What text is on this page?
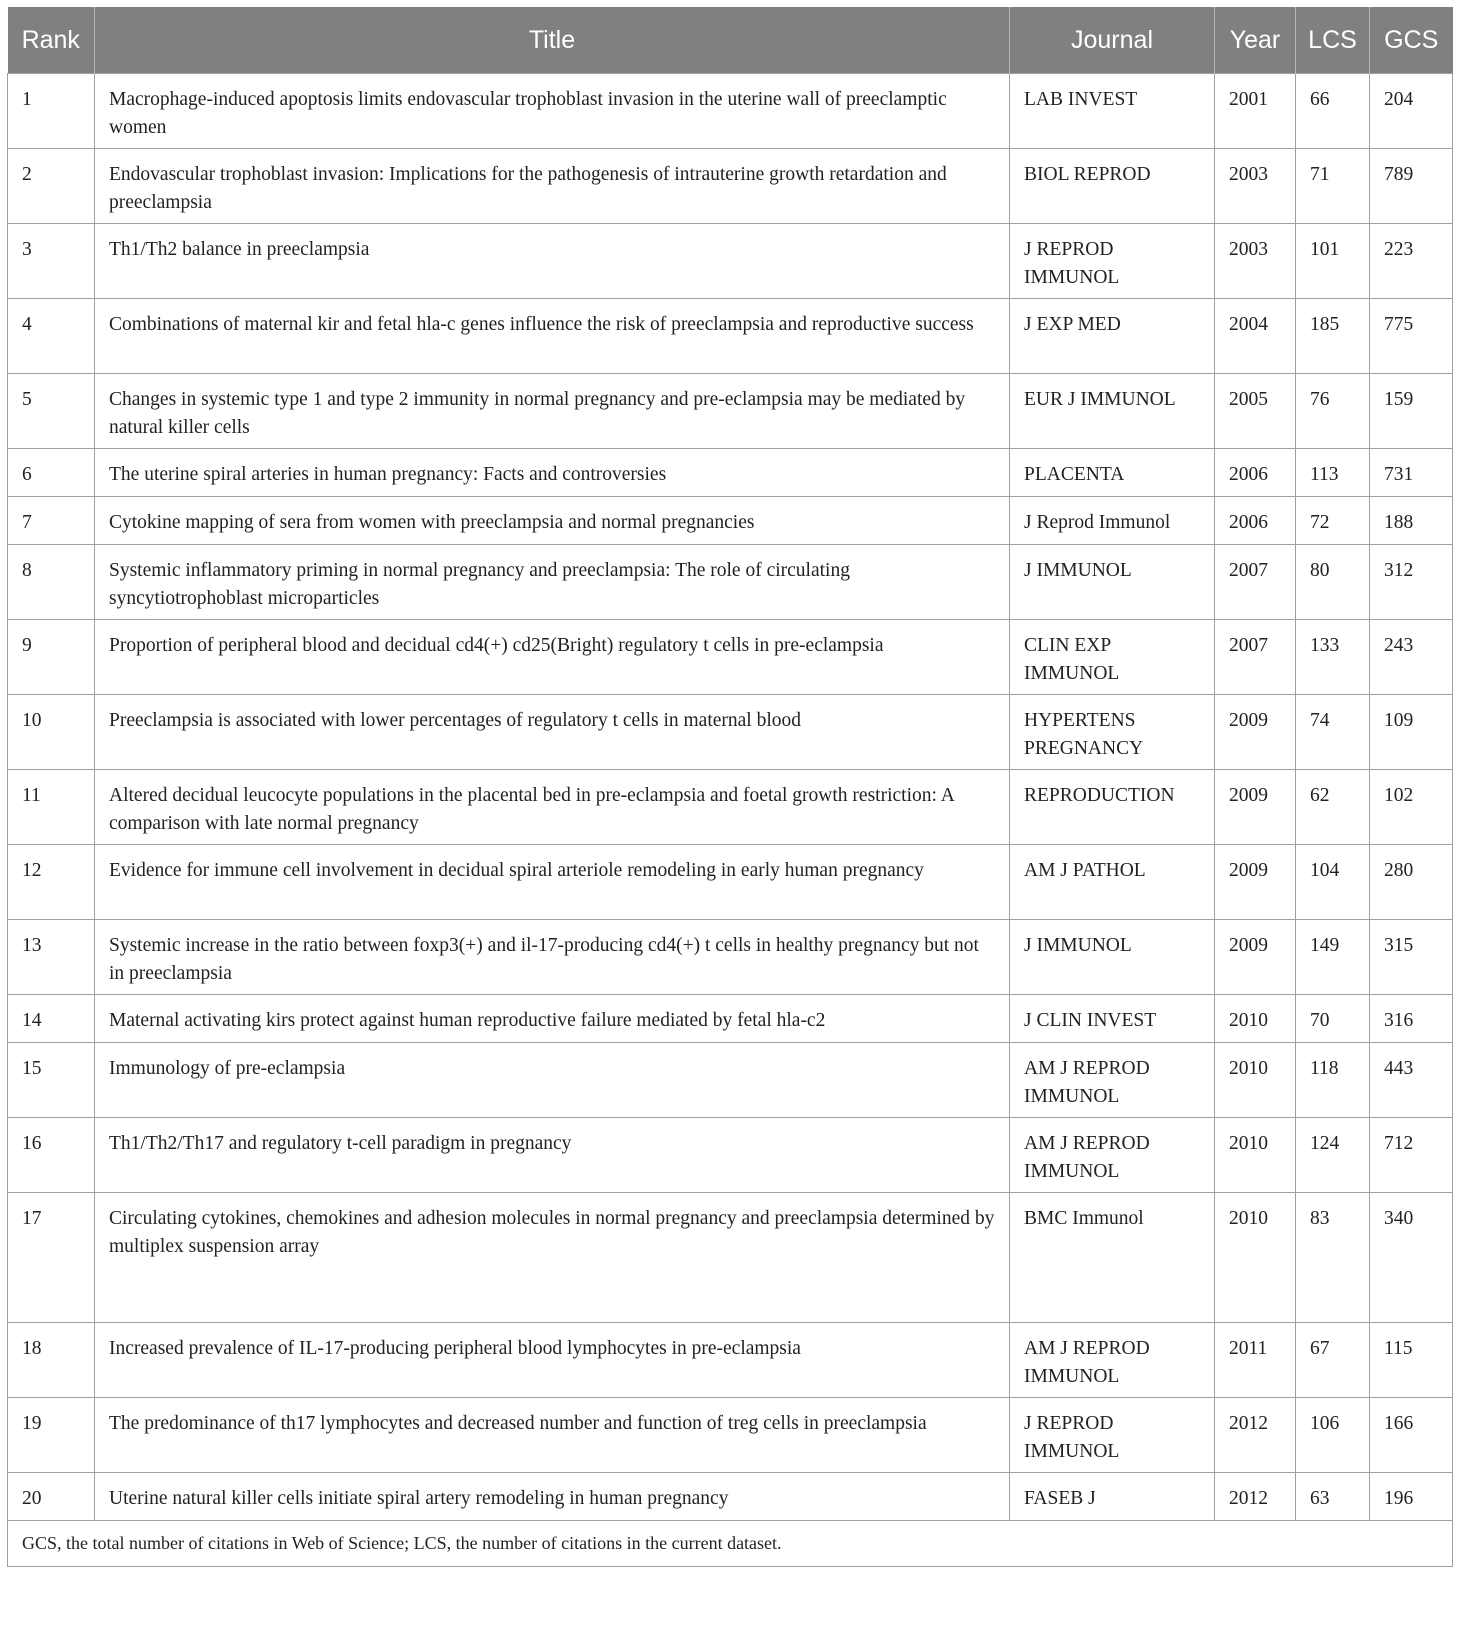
Rank	Title	Journal	Year	LCS	GCS
1	Macrophage-induced apoptosis limits endovascular trophoblast invasion in the uterine wall of preeclamptic women	LAB INVEST	2001	66	204
2	Endovascular trophoblast invasion: Implications for the pathogenesis of intrauterine growth retardation and preeclampsia	BIOL REPROD	2003	71	789
3	Th1/Th2 balance in preeclampsia	J REPROD IMMUNOL	2003	101	223
4	Combinations of maternal kir and fetal hla-c genes influence the risk of preeclampsia and reproductive success	J EXP MED	2004	185	775
5	Changes in systemic type 1 and type 2 immunity in normal pregnancy and pre-eclampsia may be mediated by natural killer cells	EUR J IMMUNOL	2005	76	159
6	The uterine spiral arteries in human pregnancy: Facts and controversies	PLACENTA	2006	113	731
7	Cytokine mapping of sera from women with preeclampsia and normal pregnancies	J Reprod Immunol	2006	72	188
8	Systemic inflammatory priming in normal pregnancy and preeclampsia: The role of circulating syncytiotrophoblast microparticles	J IMMUNOL	2007	80	312
9	Proportion of peripheral blood and decidual cd4(+) cd25(Bright) regulatory t cells in pre-eclampsia	CLIN EXP IMMUNOL	2007	133	243
10	Preeclampsia is associated with lower percentages of regulatory t cells in maternal blood	HYPERTENS PREGNANCY	2009	74	109
11	Altered decidual leucocyte populations in the placental bed in pre-eclampsia and foetal growth restriction: A comparison with late normal pregnancy	REPRODUCTION	2009	62	102
12	Evidence for immune cell involvement in decidual spiral arteriole remodeling in early human pregnancy	AM J PATHOL	2009	104	280
13	Systemic increase in the ratio between foxp3(+) and il-17-producing cd4(+) t cells in healthy pregnancy but not in preeclampsia	J IMMUNOL	2009	149	315
14	Maternal activating kirs protect against human reproductive failure mediated by fetal hla-c2	J CLIN INVEST	2010	70	316
15	Immunology of pre-eclampsia	AM J REPROD IMMUNOL	2010	118	443
16	Th1/Th2/Th17 and regulatory t-cell paradigm in pregnancy	AM J REPROD IMMUNOL	2010	124	712
17	Circulating cytokines, chemokines and adhesion molecules in normal pregnancy and preeclampsia determined by multiplex suspension array	BMC Immunol	2010	83	340
18	Increased prevalence of IL-17-producing peripheral blood lymphocytes in pre-eclampsia	AM J REPROD IMMUNOL	2011	67	115
19	The predominance of th17 lymphocytes and decreased number and function of treg cells in preeclampsia	J REPROD IMMUNOL	2012	106	166
20	Uterine natural killer cells initiate spiral artery remodeling in human pregnancy	FASEB J	2012	63	196
GCS, the total number of citations in Web of Science; LCS, the number of citations in the current dataset.					
